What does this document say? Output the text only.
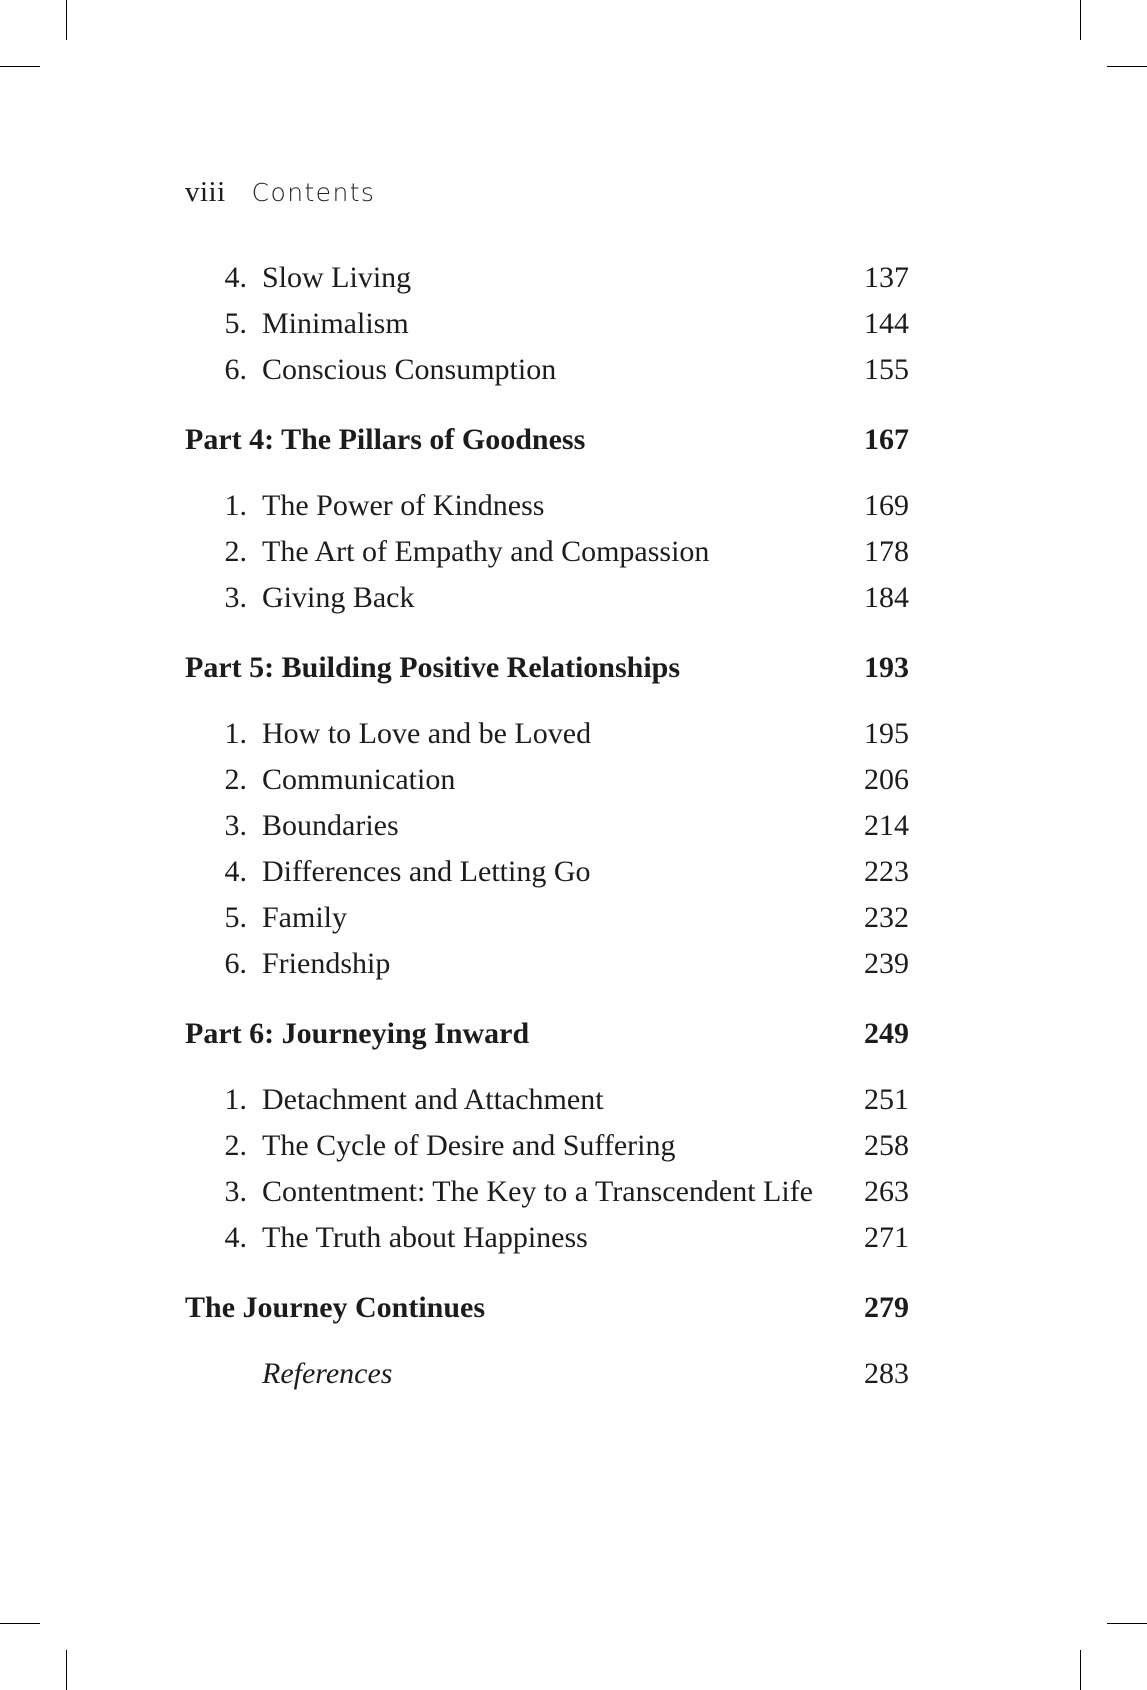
viii Contents
4. Slow Living	137
5. Minimalism	144
6. Conscious Consumption	155
Part 4: The Pillars of Goodness	167
1. The Power of Kindness	169
2. The Art of Empathy and Compassion	178
3. Giving Back	184
Part 5: Building Positive Relationships	193
1. How to Love and be Loved	195
2. Communication	206
3. Boundaries	214
4. Differences and Letting Go	223
5. Family	232
6. Friendship	239
Part 6: Journeying Inward	249
1. Detachment and Attachment	251
2. The Cycle of Desire and Suffering	258
3. Contentment: The Key to a Transcendent Life 263
4. The Truth about Happiness	271
The Journey Continues	279
References	283
